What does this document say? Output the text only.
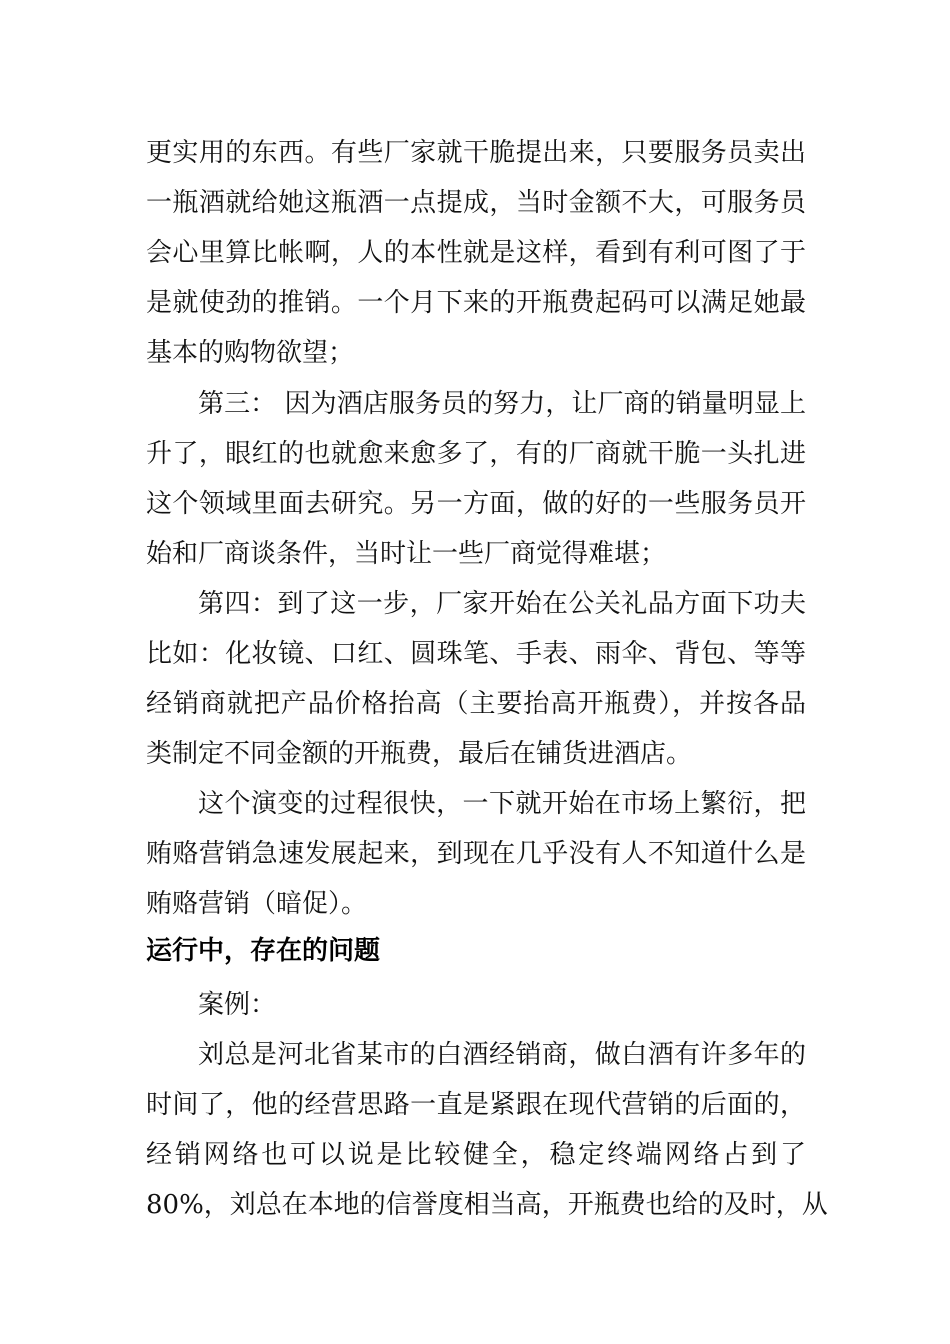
更实用的东西。有些厂家就干脆提出来，只要服务员卖出
一瓶酒就给她这瓶酒一点提成，当时金额不大，可服务员
会心里算比帐啊，人的本性就是这样，看到有利可图了于
是就使劲的推销。一个月下来的开瓶费起码可以满足她最
基本的购物欲望；
第三： 因为酒店服务员的努力，让厂商的销量明显上
升了，眼红的也就愈来愈多了，有的厂商就干脆一头扎进
这个领域里面去研究。另一方面，做的好的一些服务员开
始和厂商谈条件，当时让一些厂商觉得难堪；
第四：到了这一步，厂家开始在公关礼品方面下功夫
比如：化妆镜、口红、圆珠笔、手表、雨伞、背包、等等
经销商就把产品价格抬高（主要抬高开瓶费），并按各品
类制定不同金额的开瓶费，最后在铺货进酒店。
这个演变的过程很快，一下就开始在市场上繁衍，把
贿赂营销急速发展起来，到现在几乎没有人不知道什么是
贿赂营销（暗促）。
运行中，存在的问题
案例：
刘总是河北省某市的白酒经销商，做白酒有许多年的
时间了，他的经营思路一直是紧跟在现代营销的后面的，
经销网络也可以说是比较健全，稳定终端网络占到了
80%，刘总在本地的信誉度相当高，开瓶费也给的及时，从
